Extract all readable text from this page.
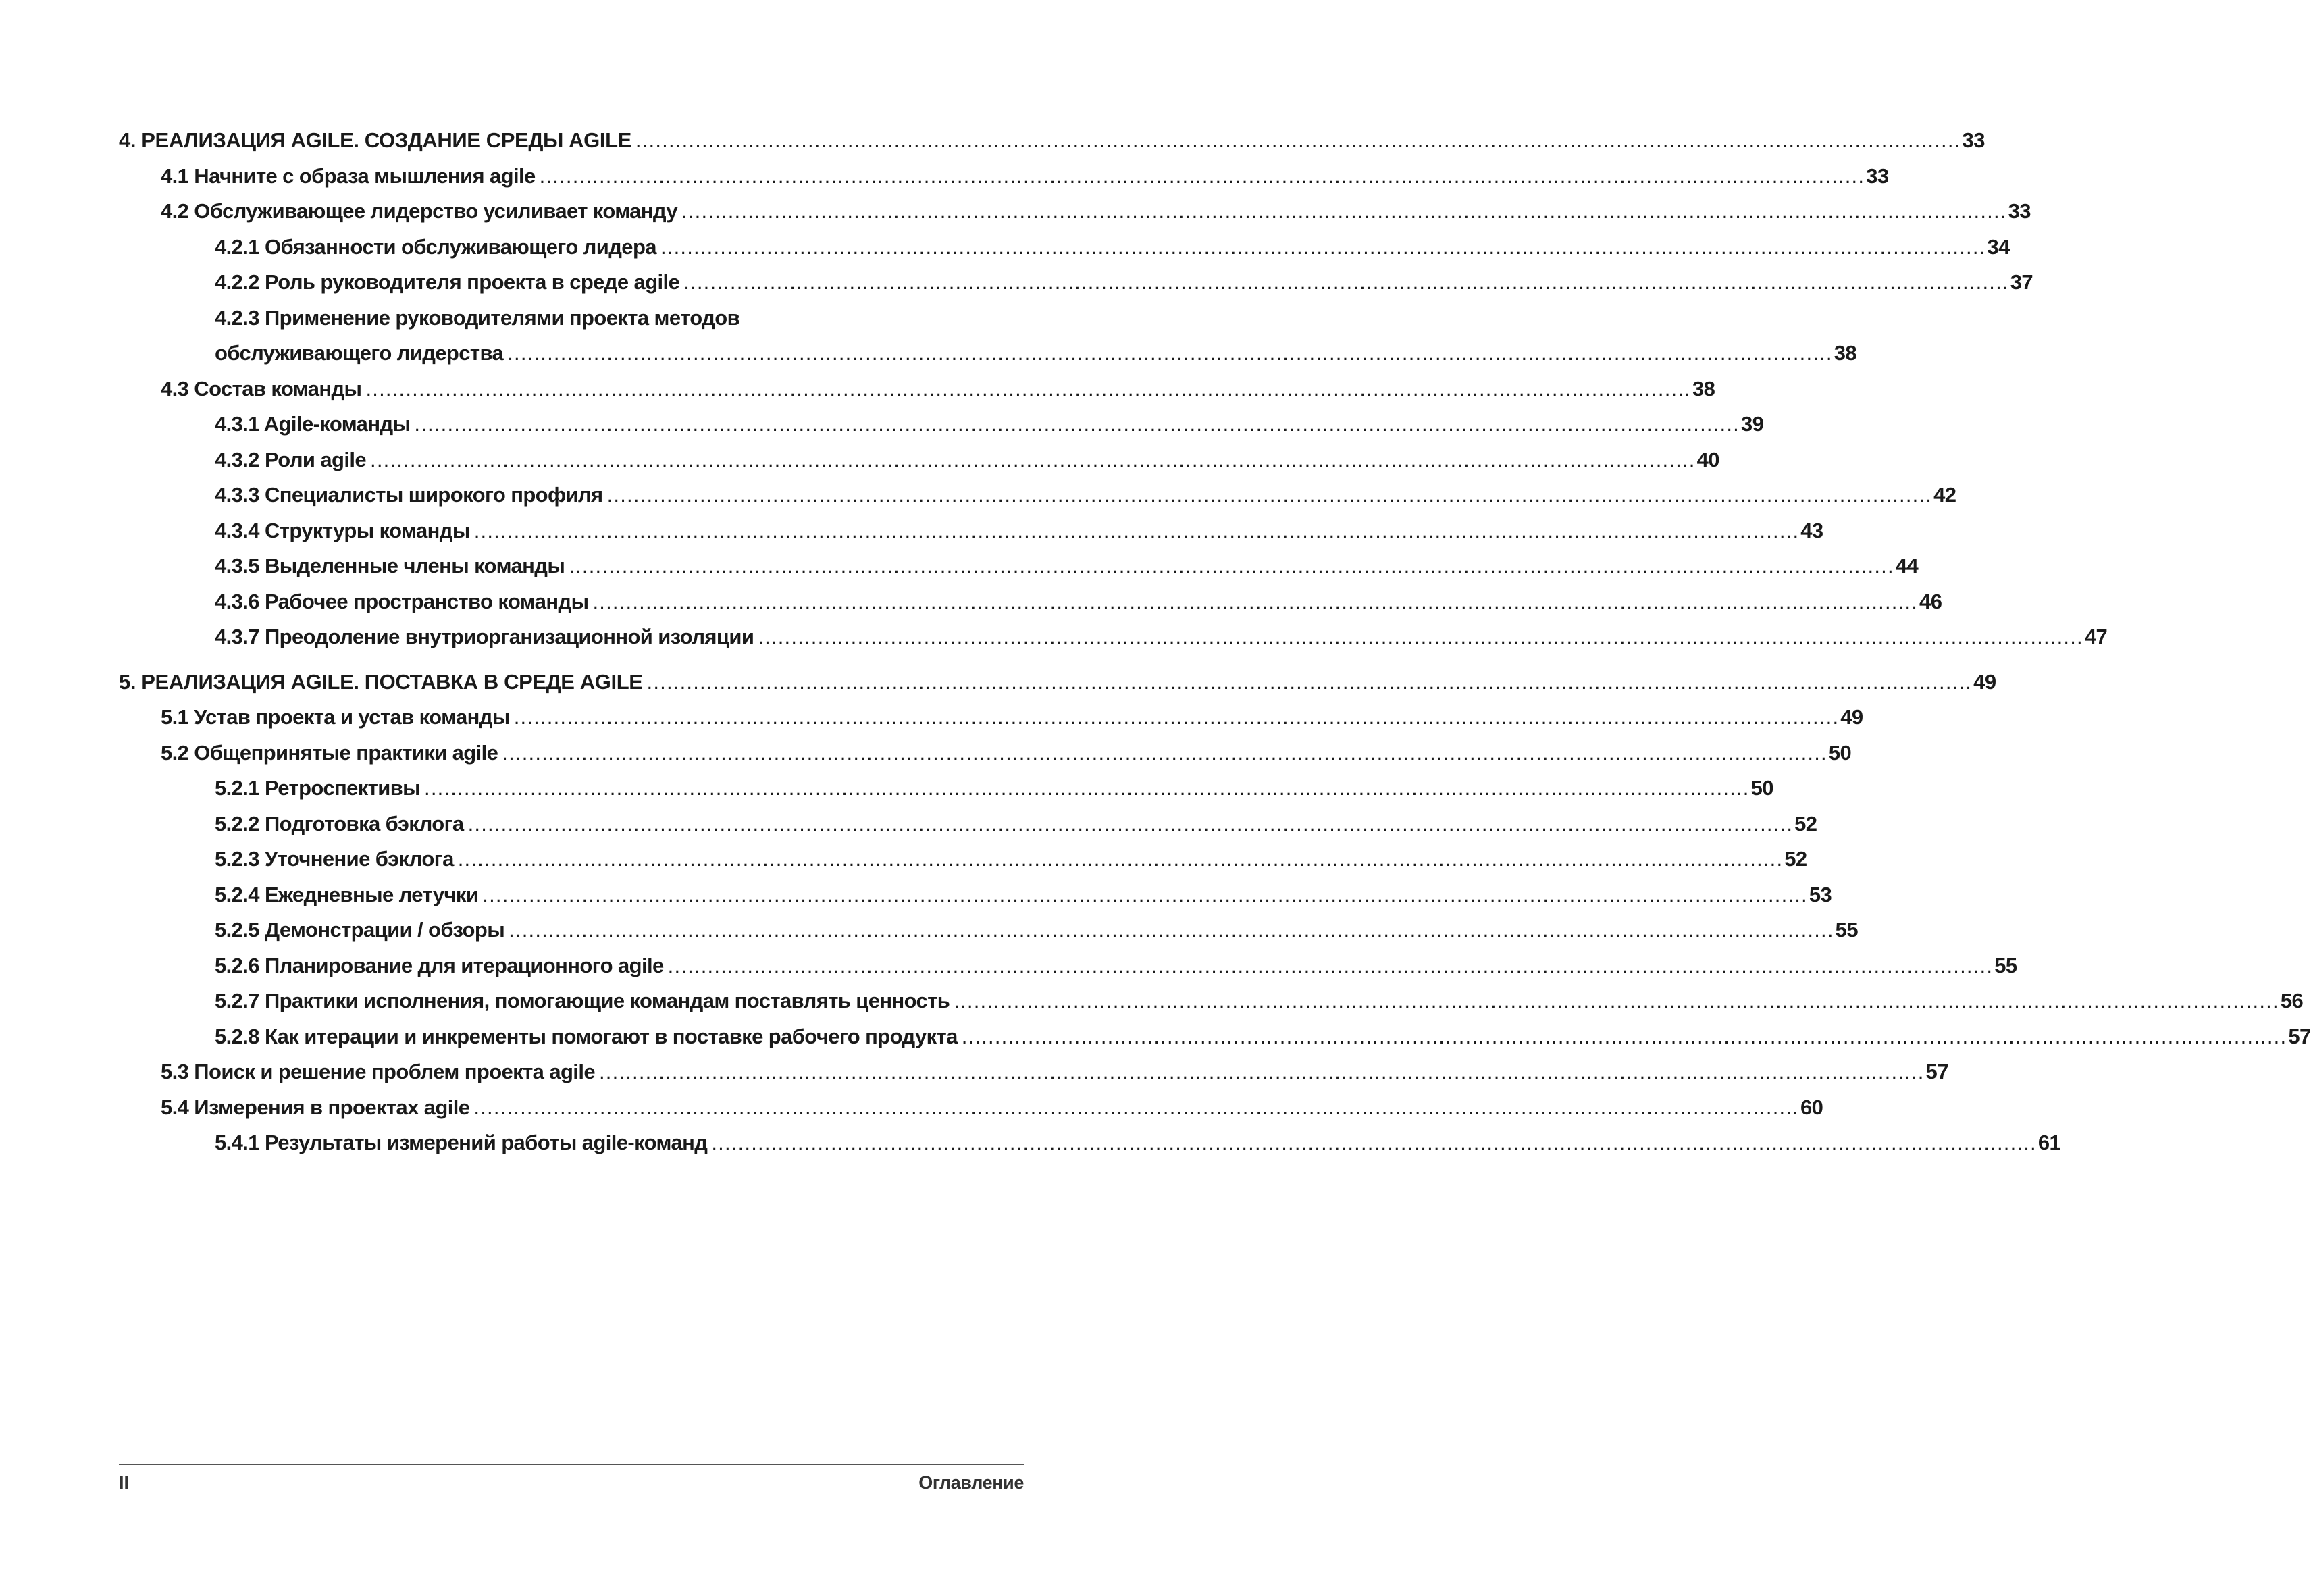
4. РЕАЛИЗАЦИЯ AGILE. СОЗДАНИЕ СРЕДЫ AGILE ........................................................................................................................................................................................................ 33
4.1 Начните с образа мышления agile ........................................................................................................................................................................................................ 33
4.2 Обслуживающее лидерство усиливает команду ........................................................................................................................................................................................................ 33
4.2.1 Обязанности обслуживающего лидера ........................................................................................................................................................................................................ 34
4.2.2 Роль руководителя проекта в среде agile ........................................................................................................................................................................................................ 37
4.2.3 Применение руководителями проекта методов
обслуживающего лидерства ........................................................................................................................................................................................................ 38
4.3 Состав команды ........................................................................................................................................................................................................ 38
4.3.1 Agile-команды ........................................................................................................................................................................................................ 39
4.3.2 Роли agile ........................................................................................................................................................................................................ 40
4.3.3 Специалисты широкого профиля ........................................................................................................................................................................................................ 42
4.3.4 Структуры команды ........................................................................................................................................................................................................ 43
4.3.5 Выделенные члены команды ........................................................................................................................................................................................................ 44
4.3.6 Рабочее пространство команды ........................................................................................................................................................................................................ 46
4.3.7 Преодоление внутриорганизационной изоляции ........................................................................................................................................................................................................ 47
5. РЕАЛИЗАЦИЯ AGILE. ПОСТАВКА В СРЕДЕ AGILE ........................................................................................................................................................................................................ 49
5.1 Устав проекта и устав команды ........................................................................................................................................................................................................ 49
5.2 Общепринятые практики agile ........................................................................................................................................................................................................ 50
5.2.1 Ретроспективы ........................................................................................................................................................................................................ 50
5.2.2 Подготовка бэклога ........................................................................................................................................................................................................ 52
5.2.3 Уточнение бэклога ........................................................................................................................................................................................................ 52
5.2.4 Ежедневные летучки ........................................................................................................................................................................................................ 53
5.2.5 Демонстрации / обзоры ........................................................................................................................................................................................................ 55
5.2.6 Планирование для итерационного agile ........................................................................................................................................................................................................ 55
5.2.7 Практики исполнения, помогающие командам поставлять ценность ........................................................................................................................................................................................................ 56
5.2.8 Как итерации и инкременты помогают в поставке рабочего продукта ........................................................................................................................................................................................................ 57
5.3 Поиск и решение проблем проекта agile ........................................................................................................................................................................................................ 57
5.4 Измерения в проектах agile ........................................................................................................................................................................................................ 60
5.4.1 Результаты измерений работы agile-команд ........................................................................................................................................................................................................ 61
II	Оглавление
